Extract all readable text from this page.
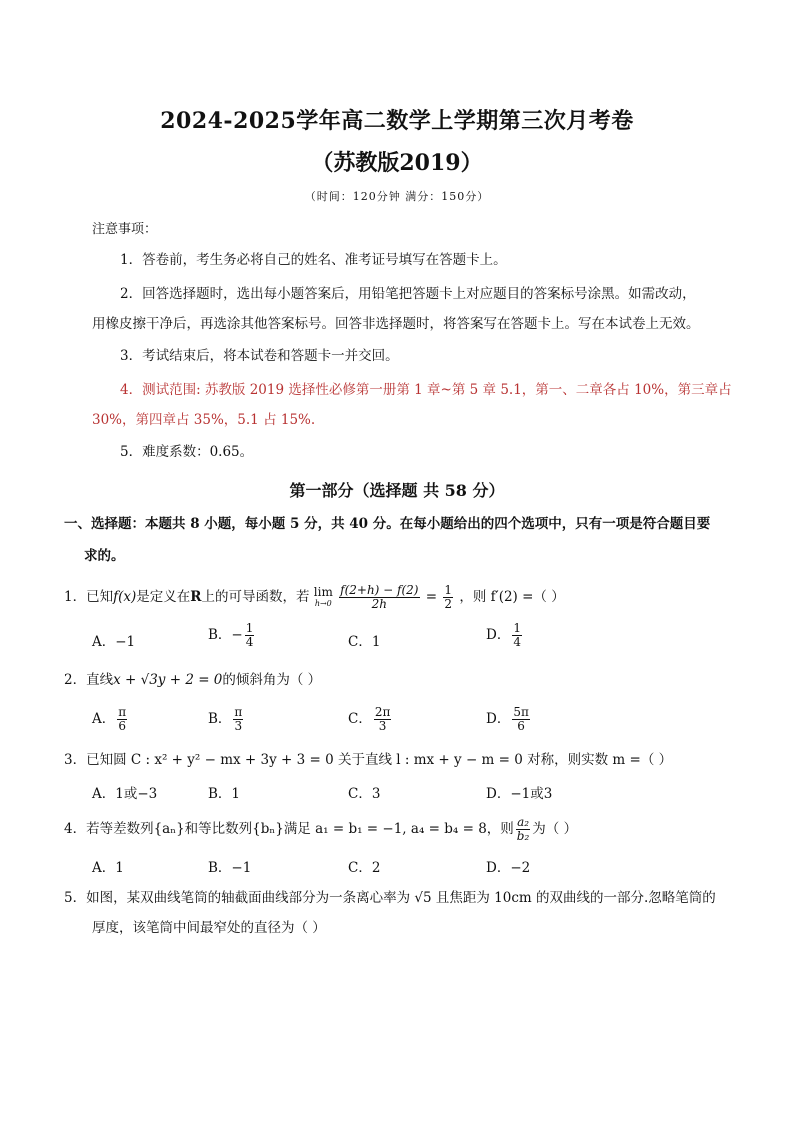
2024-2025学年高二数学上学期第三次月考卷
（苏教版2019）
（时间：120分钟 满分：150分）
注意事项：
1．答卷前，考生务必将自己的姓名、准考证号填写在答题卡上。
2．回答选择题时，选出每小题答案后，用铅笔把答题卡上对应题目的答案标号涂黑。如需改动，
用橡皮擦干净后，再选涂其他答案标号。回答非选择题时，将答案写在答题卡上。写在本试卷上无效。
3．考试结束后，将本试卷和答题卡一并交回。
4．测试范围: 苏教版 2019 选择性必修第一册第 1 章~第 5 章 5.1，第一、二章各占 10%，第三章占
30%，第四章占 35%，5.1 占 15%.
5．难度系数：0.65。
第一部分（选择题 共 58 分）
一、选择题：本题共 8 小题，每小题 5 分，共 40 分。在每小题给出的四个选项中，只有一项是符合题目要
求的。
1．已知f(x)是定义在R上的可导函数，若 lim
h→0
$\frac{f(2+h) - f(2)}{2h} = \frac{1}{2}$ ，则 f′(2) =（ ）
A．−1	B．− $\frac{1}{4}$	C．1	D． $\frac{1}{4}$
2．直线x + √3y + 2 = 0的倾斜角为（ ）
A． $\frac{\pi}{6}$	B． $\frac{\pi}{3}$	C． $\frac{2\pi}{3}$	D． $\frac{5\pi}{6}$
3．已知圆 C : x² + y² − mx + 3y + 3 = 0 关于直线 l : mx + y − m = 0 对称，则实数 m =（ ）
A．1或−3	B．1	C．3	D．−1或3
4．若等差数列{aₙ}和等比数列{bₙ}满足 a₁ = b₁ = −1, a₄ = b₄ = 8，则 $\frac{\text{a₂}}{\text{b₂}}$ 为（ ）
A．1	B．−1	C．2	D．−2
5．如图，某双曲线笔筒的轴截面曲线部分为一条离心率为 √5 且焦距为 10cm 的双曲线的一部分.忽略笔筒的
厚度，该笔筒中间最窄处的直径为（ ）
